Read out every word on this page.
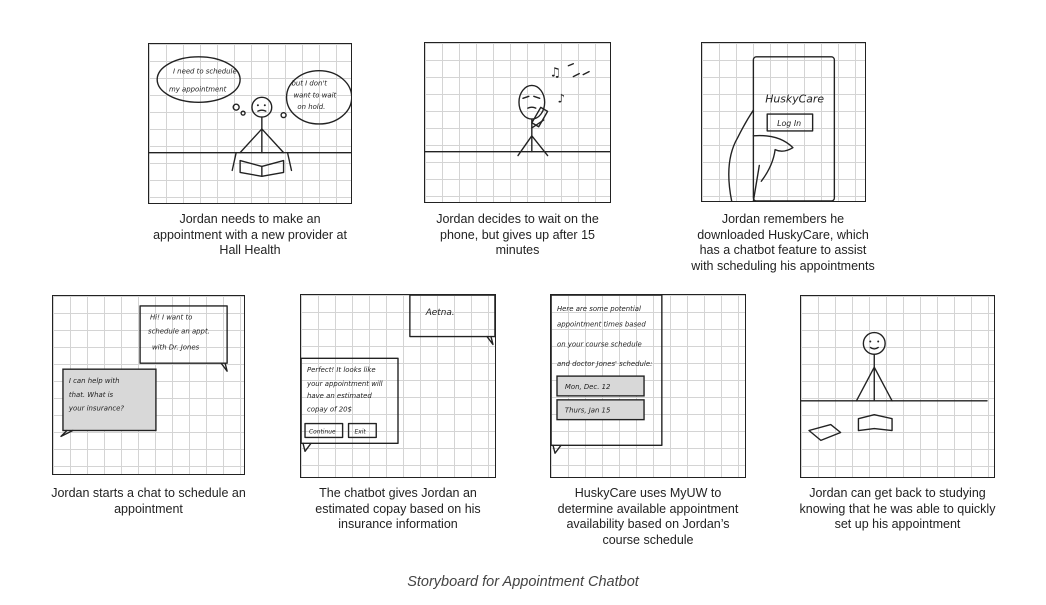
I need to schedule
my appointment
but I don't
want to wait
on hold.
Jordan needs to make an appointment with a new provider at Hall Health
♫
♪
Jordan decides to wait on the phone, but gives up after 15 minutes
HuskyCare
Log In
Jordan remembers he downloaded HuskyCare, which has a chatbot feature to assist with scheduling his appointments
Hi! I want to
schedule an appt.
with Dr. Jones
I can help with
that. What is
your insurance?
Jordan starts a chat to schedule an appointment
Aetna.
Perfect! It looks like
your appointment will
have an estimated
copay of 20$
Continue	Exit
The chatbot gives Jordan an estimated copay based on his insurance information
Here are some potential
appointment times based
on your course schedule
and doctor Jones' schedule:
Mon, Dec. 12
Thurs, Jan 15
HuskyCare uses MyUW to determine available appointment availability based on Jordan’s course schedule
Jordan can get back to studying knowing that he was able to quickly set up his appointment
Storyboard for Appointment Chatbot
